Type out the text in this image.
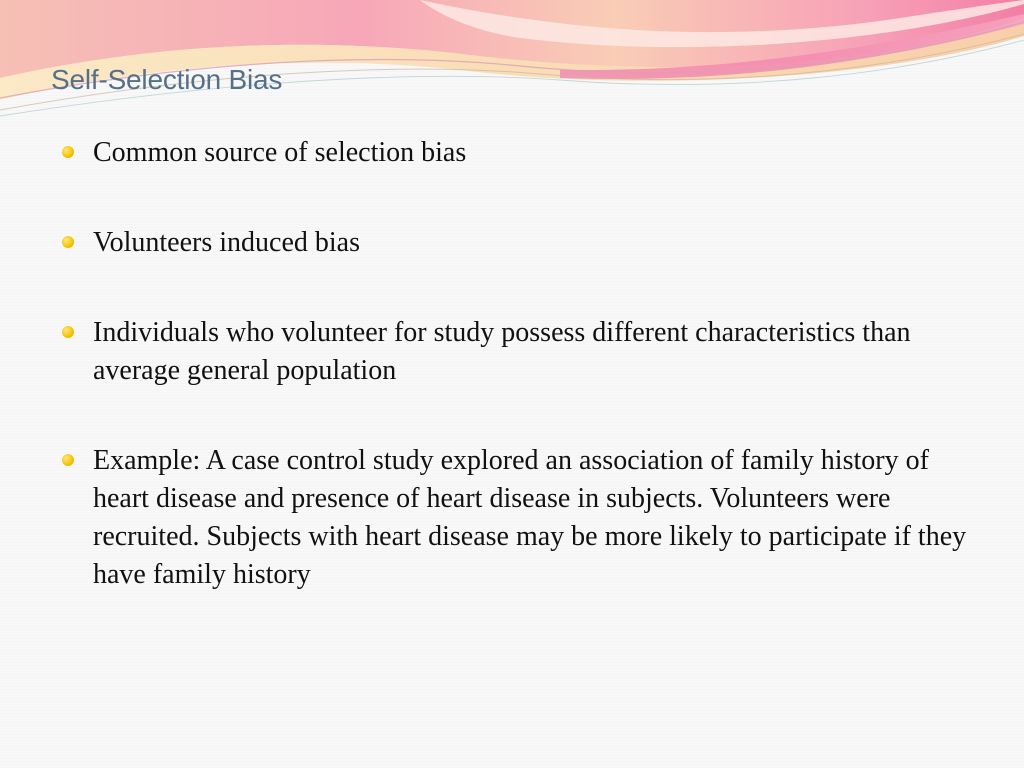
Self-Selection Bias
Common source of selection bias
Volunteers induced bias
Individuals who volunteer for study possess different characteristics than average general population
Example: A case control study explored an association of family history of heart disease and presence of heart disease in subjects. Volunteers were  recruited. Subjects with heart disease may be more likely to participate if they have family history
